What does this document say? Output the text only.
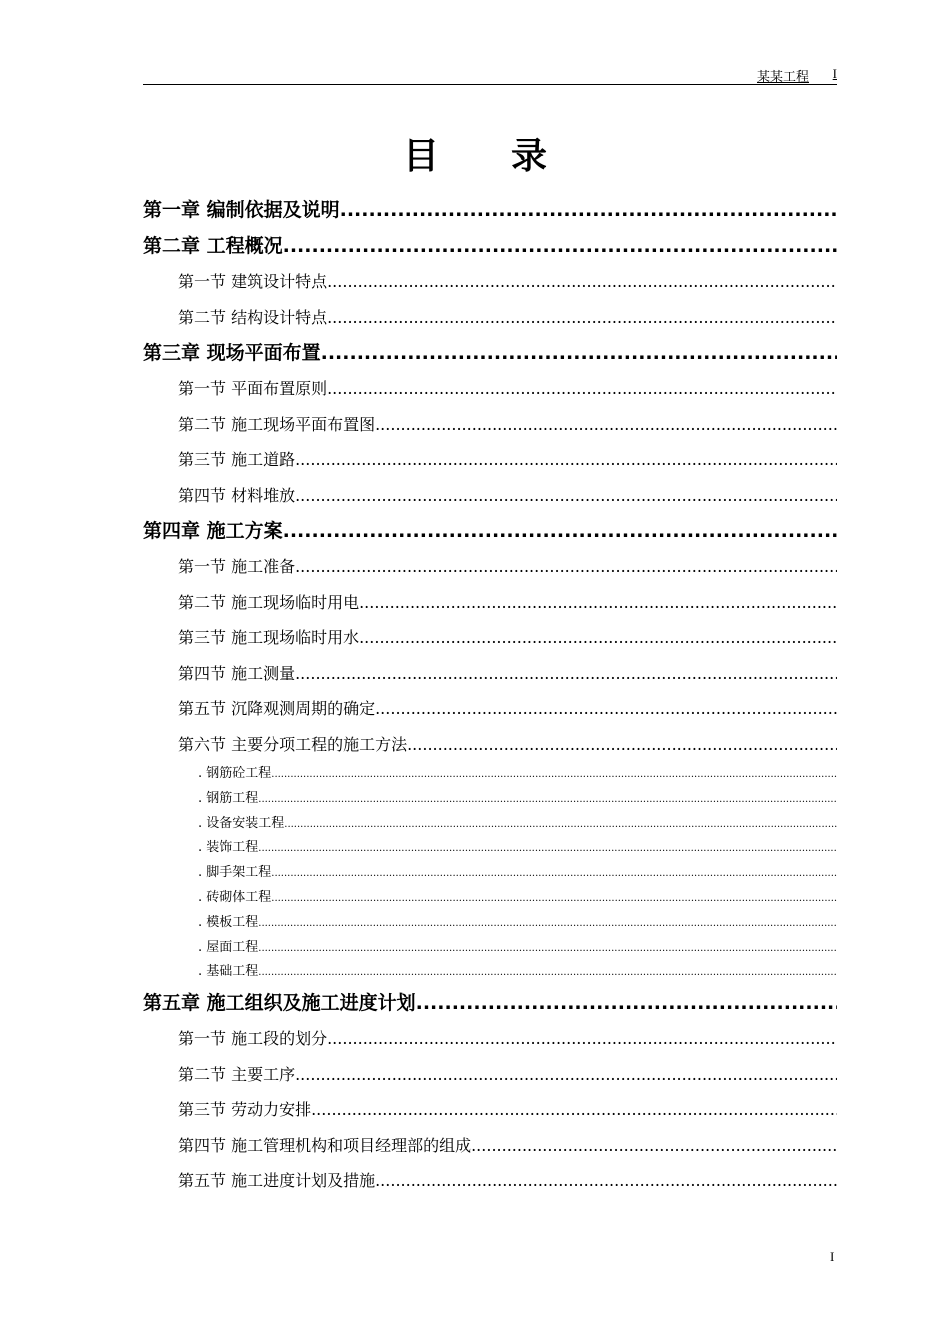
某某工程 I
目 录
第一章 编制依据及说明
.....
第二章 工程概况
.....
第一节 建筑设计特点
.....
第二节 结构设计特点
.....
第三章 现场平面布置
.....
第一节 平面布置原则
.....
第二节 施工现场平面布置图
.....
第三节 施工道路
.....
第四节 材料堆放
.....
第四章 施工方案
.....
第一节 施工准备
.....
第二节 施工现场临时用电
.....
第三节 施工现场临时用水
.....
第四节 施工测量
.....
第五节 沉降观测周期的确定
.....
第六节 主要分项工程的施工方法
.....
. 钢筋砼工程
.....
. 钢筋工程
.....
. 设备安装工程
.....
. 装饰工程
.....
. 脚手架工程
.....
. 砖砌体工程
.....
. 模板工程
.....
. 屋面工程
.....
. 基础工程
.....
第五章 施工组织及施工进度计划
.....
第一节 施工段的划分
.....
第二节 主要工序
.....
第三节 劳动力安排
.....
第四节 施工管理机构和项目经理部的组成
.....
第五节 施工进度计划及措施
.....
I
